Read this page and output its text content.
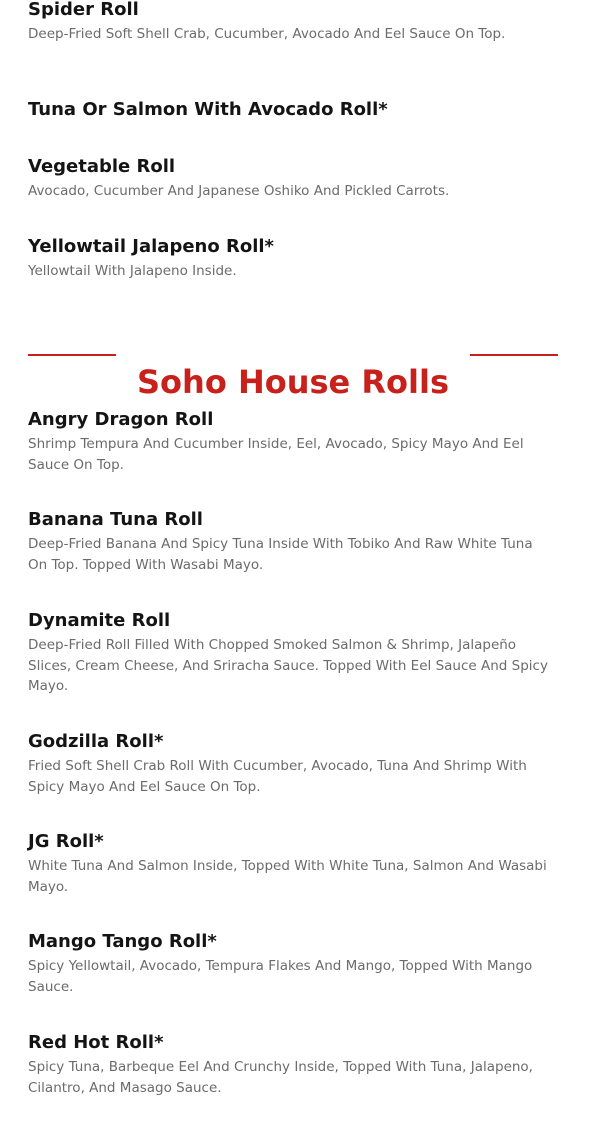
Spider Roll

Deep-Fried Soft Shell Crab, Cucumber, Avocado And Eel Sauce On Top.

Tuna Or Salmon With Avocado Roll*
Vegetable Roll

Avocado, Cucumber And Japanese Oshiko And Pickled Carrots.

Yellowtail Jalapeno Roll*

Yellowtail With Jalapeno Inside.

Soho House Rolls
Angry Dragon Roll

Shrimp Tempura And Cucumber Inside, Eel, Avocado, Spicy Mayo And Eel Sauce On Top.

Banana Tuna Roll

Deep-Fried Banana And Spicy Tuna Inside With Tobiko And Raw White Tuna On Top. Topped With Wasabi Mayo.

Dynamite Roll

Deep-Fried Roll Filled With Chopped Smoked Salmon & Shrimp, Jalapeño Slices, Cream Cheese, And Sriracha Sauce. Topped With Eel Sauce And Spicy Mayo.

Godzilla Roll*

Fried Soft Shell Crab Roll With Cucumber, Avocado, Tuna And Shrimp With Spicy Mayo And Eel Sauce On Top.

JG Roll*

White Tuna And Salmon Inside, Topped With White Tuna, Salmon And Wasabi Mayo.

Mango Tango Roll*

Spicy Yellowtail, Avocado, Tempura Flakes And Mango, Topped With Mango Sauce.

Red Hot Roll*

Spicy Tuna, Barbeque Eel And Crunchy Inside, Topped With Tuna, Jalapeno, Cilantro, And Masago Sauce.
